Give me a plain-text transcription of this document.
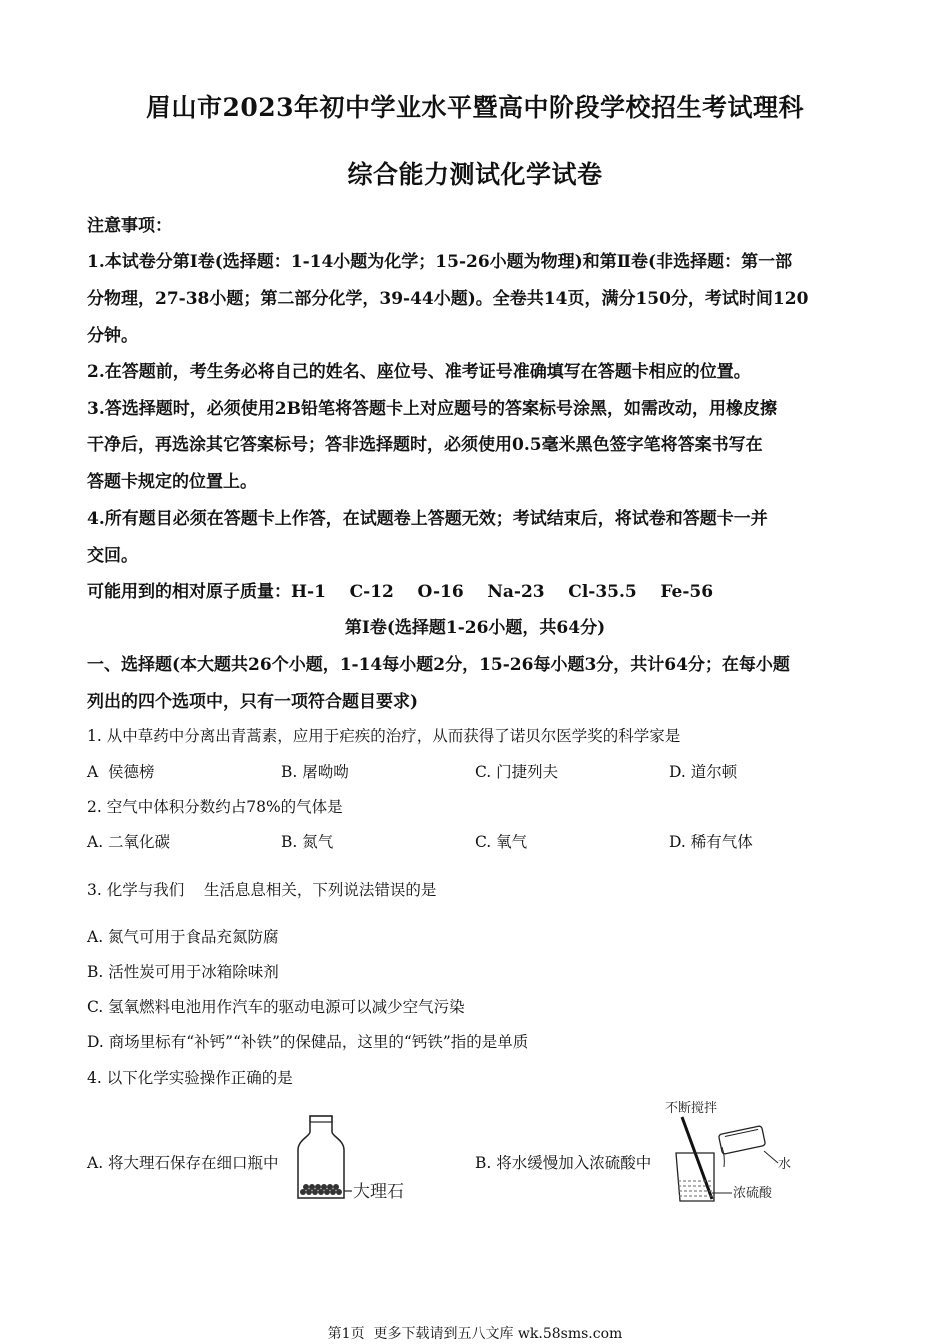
眉山市2023年初中学业水平暨高中阶段学校招生考试理科
综合能力测试化学试卷
注意事项：
1.本试卷分第Ⅰ卷(选择题：1-14小题为化学；15-26小题为物理)和第Ⅱ卷(非选择题：第一部
分物理，27-38小题；第二部分化学，39-44小题)。全卷共14页，满分150分，考试时间120
分钟。
2.在答题前，考生务必将自己的姓名、座位号、准考证号准确填写在答题卡相应的位置。
3.答选择题时，必须使用2B铅笔将答题卡上对应题号的答案标号涂黑，如需改动，用橡皮擦
干净后，再选涂其它答案标号；答非选择题时，必须使用0.5毫米黑色签字笔将答案书写在
答题卡规定的位置上。
4.所有题目必须在答题卡上作答，在试题卷上答题无效；考试结束后，将试卷和答题卡一并
交回。
可能用到的相对原子质量：H-1    C-12    O-16    Na-23    Cl-35.5    Fe-56
第Ⅰ卷(选择题1-26小题，共64分)
一、选择题(本大题共26个小题，1-14每小题2分，15-26每小题3分，共计64分；在每小题
列出的四个选项中，只有一项符合题目要求)
1. 从中草药中分离出青蒿素，应用于疟疾的治疗，从而获得了诺贝尔医学奖的科学家是
A  侯德榜	B. 屠呦呦	C. 门捷列夫	D. 道尔顿
2. 空气中体积分数约占78%的气体是
A. 二氧化碳	B. 氮气	C. 氧气	D. 稀有气体
3. 化学与我们    生活息息相关，下列说法错误的是
A. 氮气可用于食品充氮防腐
B. 活性炭可用于冰箱除味剂
C. 氢氧燃料电池用作汽车的驱动电源可以减少空气污染
D. 商场里标有“补钙”“补铁”的保健品，这里的“钙铁”指的是单质
4. 以下化学实验操作正确的是
A. 将大理石保存在细口瓶中	B. 将水缓慢加入浓硫酸中
大理石
不断搅拌
水
浓硫酸
第1页  更多下载请到五八文库 wk.58sms.com
